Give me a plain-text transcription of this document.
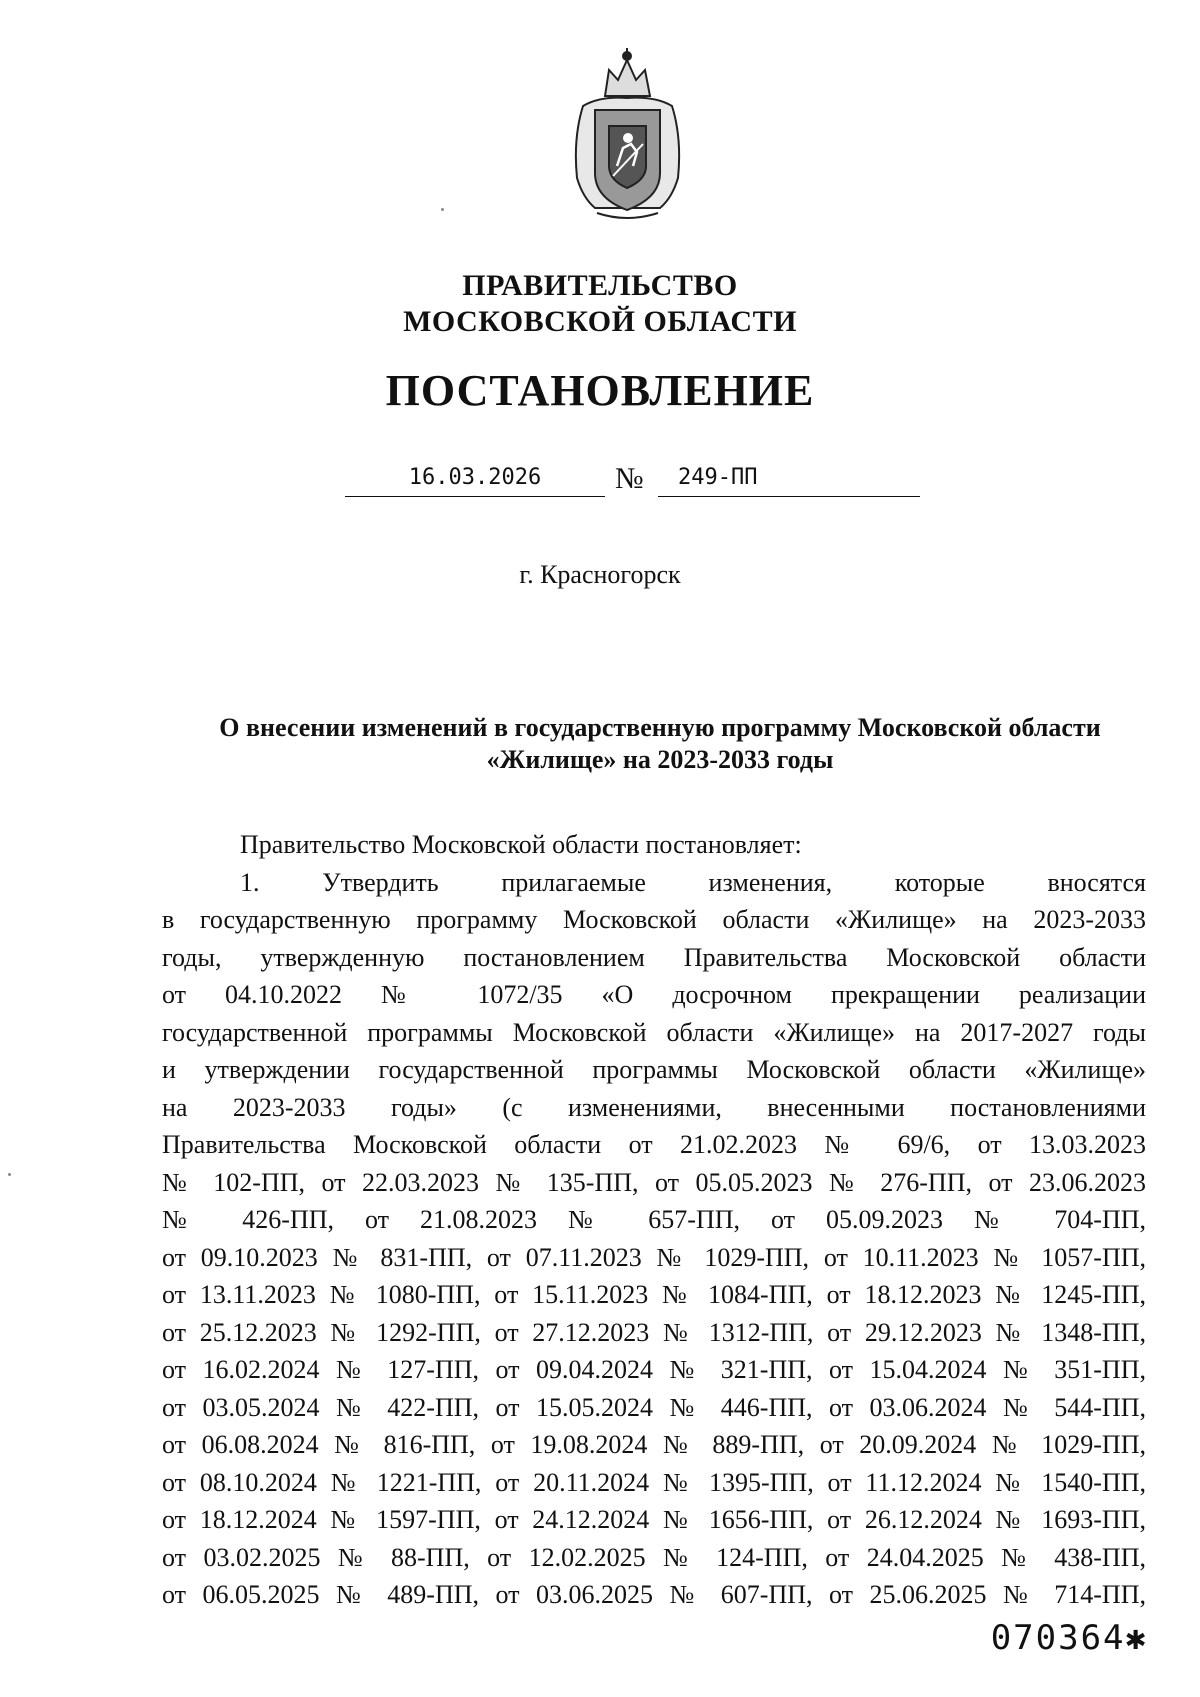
ПРАВИТЕЛЬСТВО
МОСКОВСКОЙ ОБЛАСТИ
ПОСТАНОВЛЕНИЕ
16.03.2026	№	249-ПП
г. Красногорск
О внесении изменений в государственную программу Московской области
«Жилище» на 2023-2033 годы

Правительство Московской области постановляет:

1. Утвердить прилагаемые изменения, которые вносятся

в государственную программу Московской области «Жилище» на 2023-2033

годы, утвержденную постановлением Правительства Московской области

от 04.10.2022 № 1072/35 «О досрочном прекращении реализации

государственной программы Московской области «Жилище» на 2017-2027 годы

и утверждении государственной программы Московской области «Жилище»

на 2023-2033 годы» (с изменениями, внесенными постановлениями

Правительства Московской области от 21.02.2023 № 69/6, от 13.03.2023

№ 102-ПП, от 22.03.2023 № 135-ПП, от 05.05.2023 № 276-ПП, от 23.06.2023

№ 426-ПП, от 21.08.2023 № 657-ПП, от 05.09.2023 № 704-ПП,

от 09.10.2023 № 831-ПП, от 07.11.2023 № 1029-ПП, от 10.11.2023 № 1057-ПП,

от 13.11.2023 № 1080-ПП, от 15.11.2023 № 1084-ПП, от 18.12.2023 № 1245-ПП,

от 25.12.2023 № 1292-ПП, от 27.12.2023 № 1312-ПП, от 29.12.2023 № 1348-ПП,

от 16.02.2024 № 127-ПП, от 09.04.2024 № 321-ПП, от 15.04.2024 № 351-ПП,

от 03.05.2024 № 422-ПП, от 15.05.2024 № 446-ПП, от 03.06.2024 № 544-ПП,

от 06.08.2024 № 816-ПП, от 19.08.2024 № 889-ПП, от 20.09.2024 № 1029-ПП,

от 08.10.2024 № 1221-ПП, от 20.11.2024 № 1395-ПП, от 11.12.2024 № 1540-ПП,

от 18.12.2024 № 1597-ПП, от 24.12.2024 № 1656-ПП, от 26.12.2024 № 1693-ПП,

от 03.02.2025 № 88-ПП, от 12.02.2025 № 124-ПП, от 24.04.2025 № 438-ПП,

от 06.05.2025 № 489-ПП, от 03.06.2025 № 607-ПП, от 25.06.2025 № 714-ПП,

070364✱
